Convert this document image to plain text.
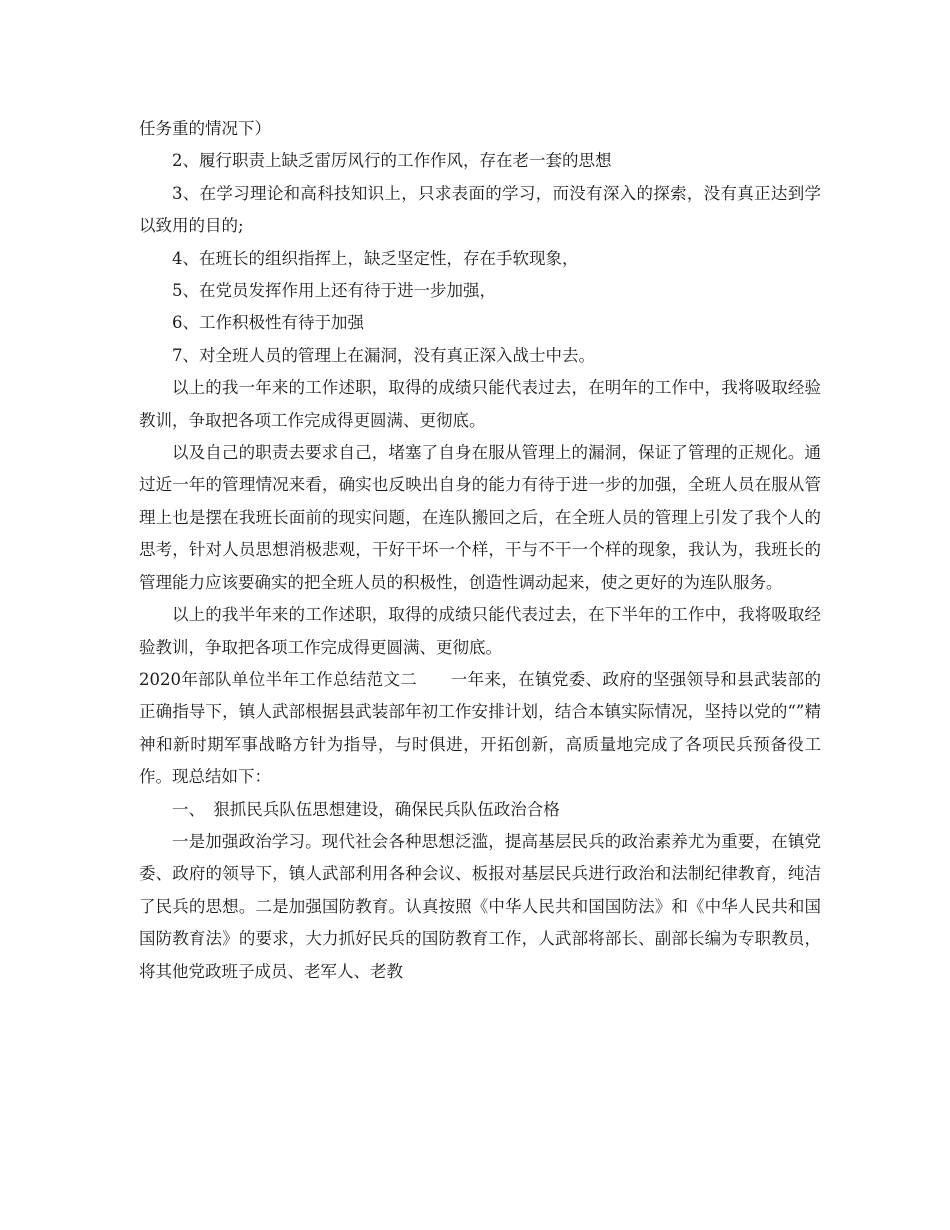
任务重的情况下）

2、履行职责上缺乏雷厉风行的工作作风，存在老一套的思想

3、在学习理论和高科技知识上，只求表面的学习，而没有深入的探索，没有真正达到学以致用的目的;

4、在班长的组织指挥上，缺乏坚定性，存在手软现象，

5、在党员发挥作用上还有待于进一步加强，

6、工作积极性有待于加强

7、对全班人员的管理上在漏洞，没有真正深入战士中去。

以上的我一年来的工作述职，取得的成绩只能代表过去，在明年的工作中，我将吸取经验教训，争取把各项工作完成得更圆满、更彻底。

以及自己的职责去要求自己，堵塞了自身在服从管理上的漏洞，保证了管理的正规化。通过近一年的管理情况来看，确实也反映出自身的能力有待于进一步的加强，全班人员在服从管理上也是摆在我班长面前的现实问题，在连队搬回之后，在全班人员的管理上引发了我个人的思考，针对人员思想消极悲观，干好干坏一个样，干与不干一个样的现象，我认为，我班长的管理能力应该要确实的把全班人员的积极性，创造性调动起来，使之更好的为连队服务。

以上的我半年来的工作述职，取得的成绩只能代表过去，在下半年的工作中，我将吸取经验教训，争取把各项工作完成得更圆满、更彻底。

2020年部队单位半年工作总结范文二　　一年来，在镇党委、政府的坚强领导和县武装部的正确指导下，镇人武部根据县武装部年初工作安排计划，结合本镇实际情况，坚持以党的“”精神和新时期军事战略方针为指导，与时俱进，开拓创新，高质量地完成了各项民兵预备役工作。现总结如下：

一、　狠抓民兵队伍思想建设，确保民兵队伍政治合格

一是加强政治学习。现代社会各种思想泛滥，提高基层民兵的政治素养尤为重要，在镇党委、政府的领导下，镇人武部利用各种会议、板报对基层民兵进行政治和法制纪律教育，纯洁了民兵的思想。二是加强国防教育。认真按照《中华人民共和国国防法》和《中华人民共和国国防教育法》的要求，大力抓好民兵的国防教育工作，人武部将部长、副部长编为专职教员，将其他党政班子成员、老军人、老教
